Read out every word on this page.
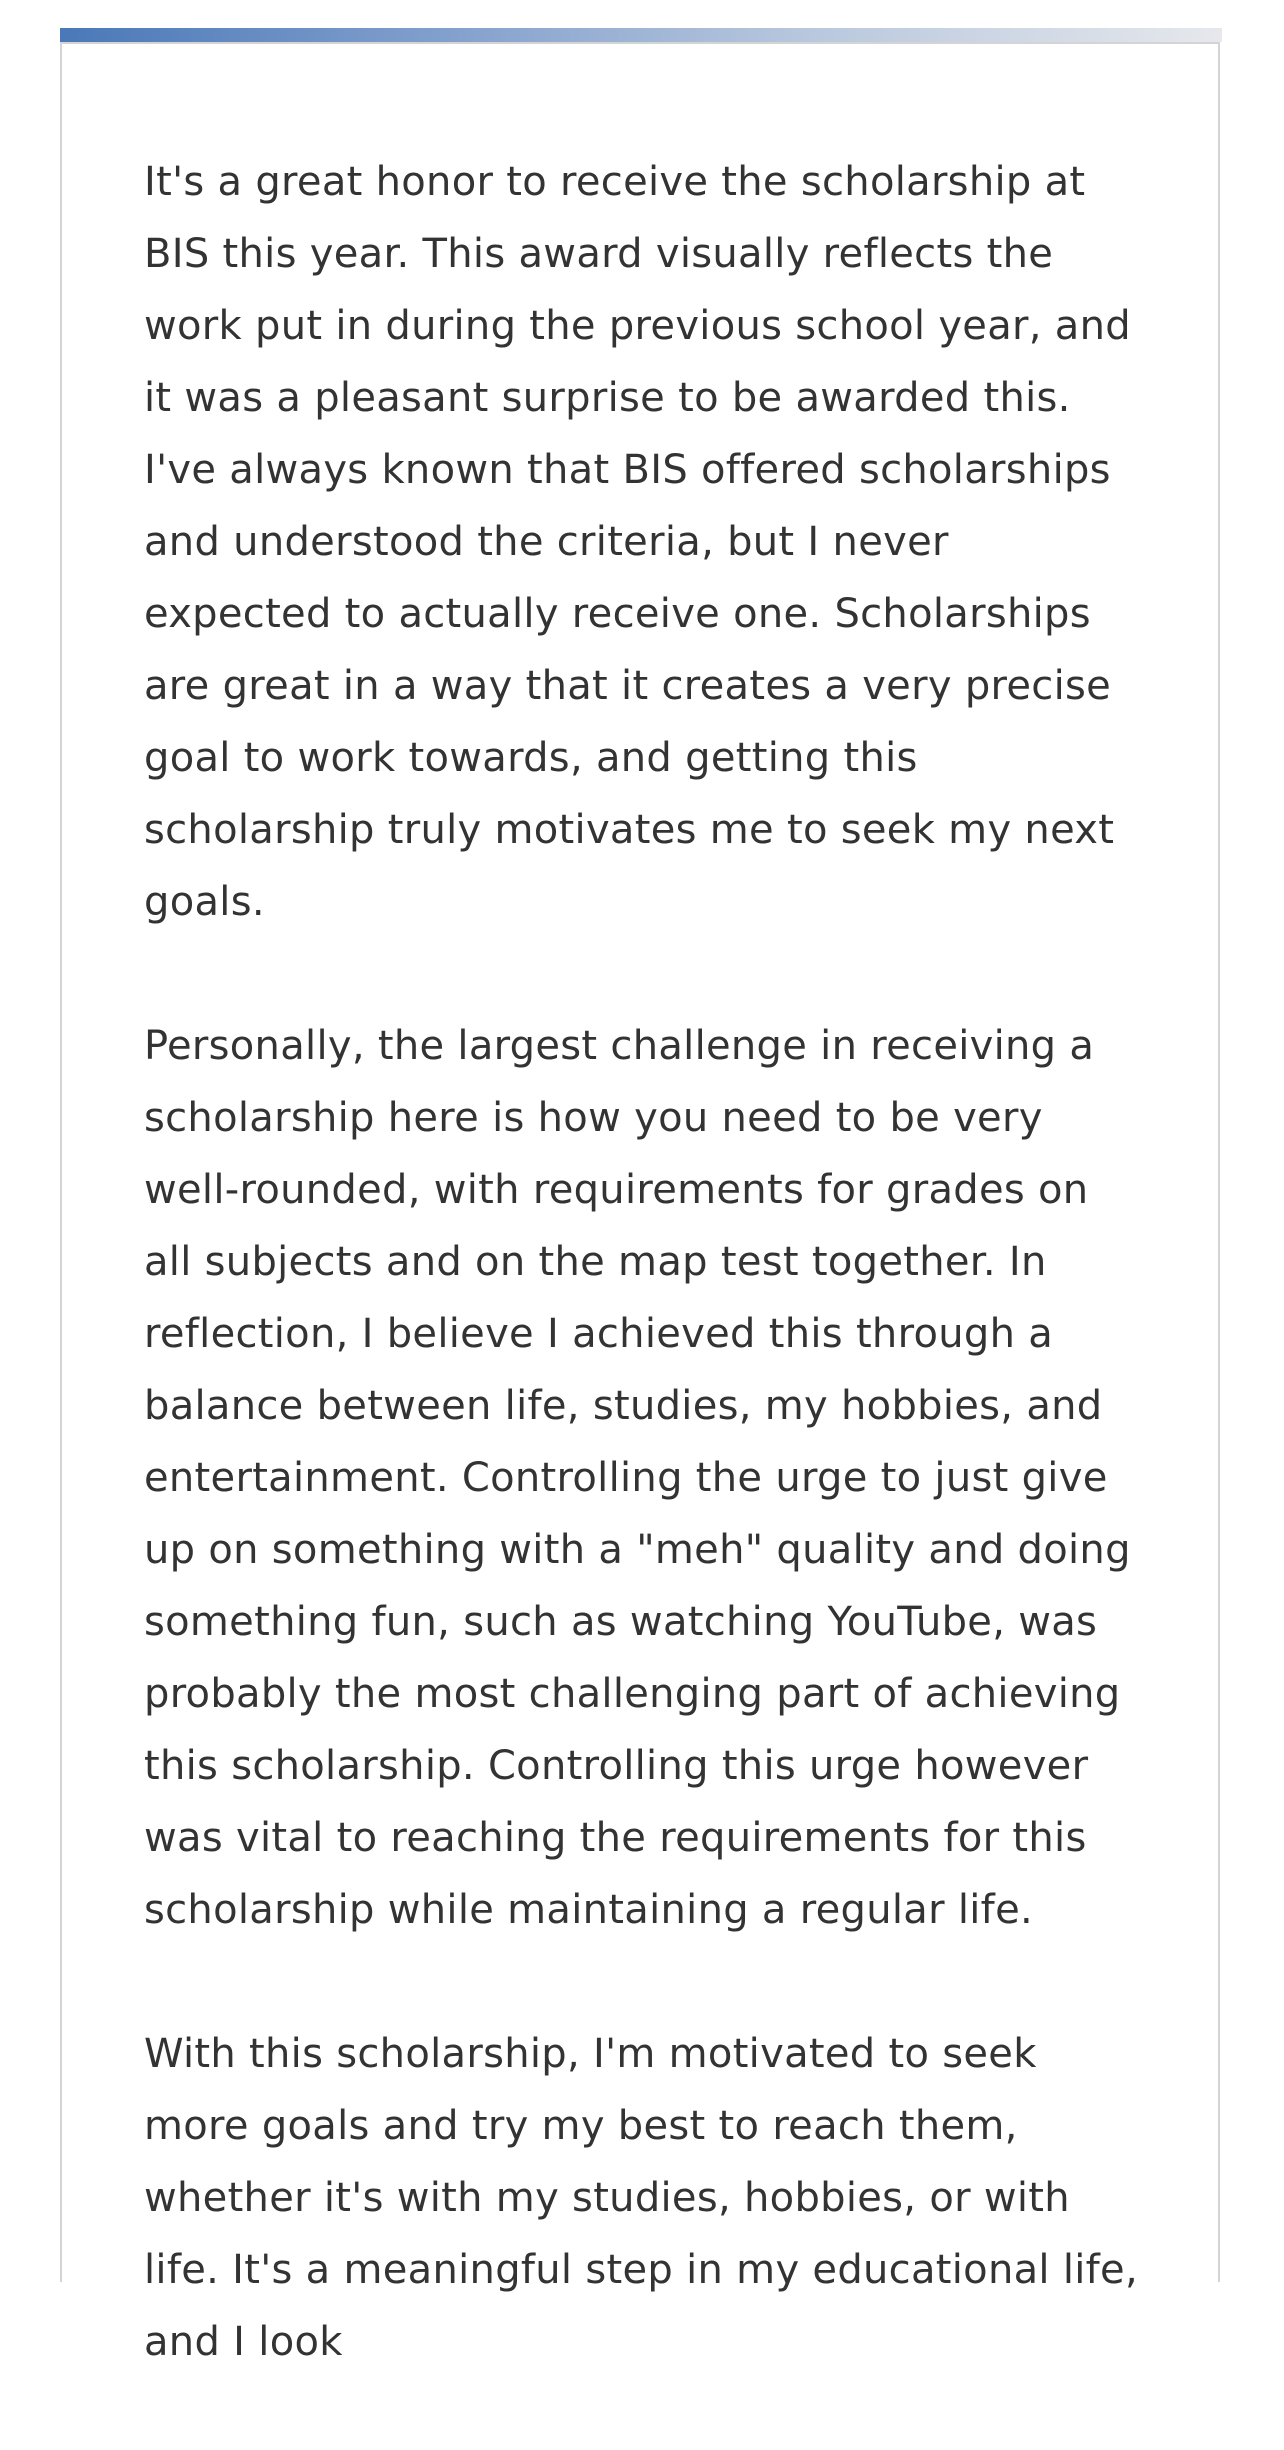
It's a great honor to receive the scholarship at BIS this year. This award visually reflects the work put in during the previous school year, and it was a pleasant surprise to be awarded this. I've always known that BIS offered scholarships and understood the criteria, but I never expected to actually receive one. Scholarships are great in a way that it creates a very precise goal to work towards, and getting this scholarship truly motivates me to seek my next goals.

Personally, the largest challenge in receiving a scholarship here is how you need to be very well-rounded, with requirements for grades on all subjects and on the map test together. In reflection, I believe I achieved this through a balance between life, studies, my hobbies, and entertainment. Controlling the urge to just give up on something with a "meh" quality and doing something fun, such as watching YouTube, was probably the most challenging part of achieving this scholarship. Controlling this urge however was vital to reaching the requirements for this scholarship while maintaining a regular life.

With this scholarship, I'm motivated to seek more goals and try my best to reach them, whether it's with my studies, hobbies, or with life. It's a meaningful step in my educational life, and I look
